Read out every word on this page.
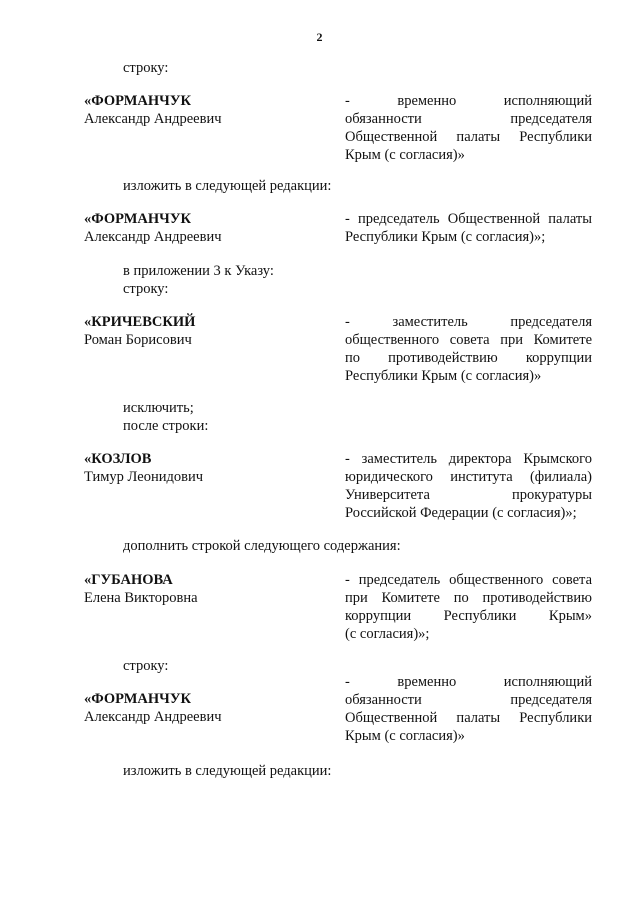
2
строку:
«ФОРМАНЧУК
Александр Андреевич
- временно исполняющий
обязанности председателя
Общественной палаты Республики
Крым (с согласия)»
изложить в следующей редакции:
«ФОРМАНЧУК
Александр Андреевич
- председатель Общественной палаты
Республики Крым (с согласия)»;
в приложении 3 к Указу:
строку:
«КРИЧЕВСКИЙ
Роман Борисович
- заместитель председателя
общественного совета при Комитете
по противодействию коррупции
Республики Крым (с согласия)»
исключить;
после строки:
«КОЗЛОВ
Тимур Леонидович
- заместитель директора Крымского
юридического института (филиала)
Университета прокуратуры
Российской Федерации (с согласия)»;
дополнить строкой следующего содержания:
«ГУБАНОВА
Елена Викторовна
- председатель общественного совета
при Комитете по противодействию
коррупции Республики Крым»
(с согласия)»;
строку:
«ФОРМАНЧУК
Александр Андреевич
- временно исполняющий
обязанности председателя
Общественной палаты Республики
Крым (с согласия)»
изложить в следующей редакции:
